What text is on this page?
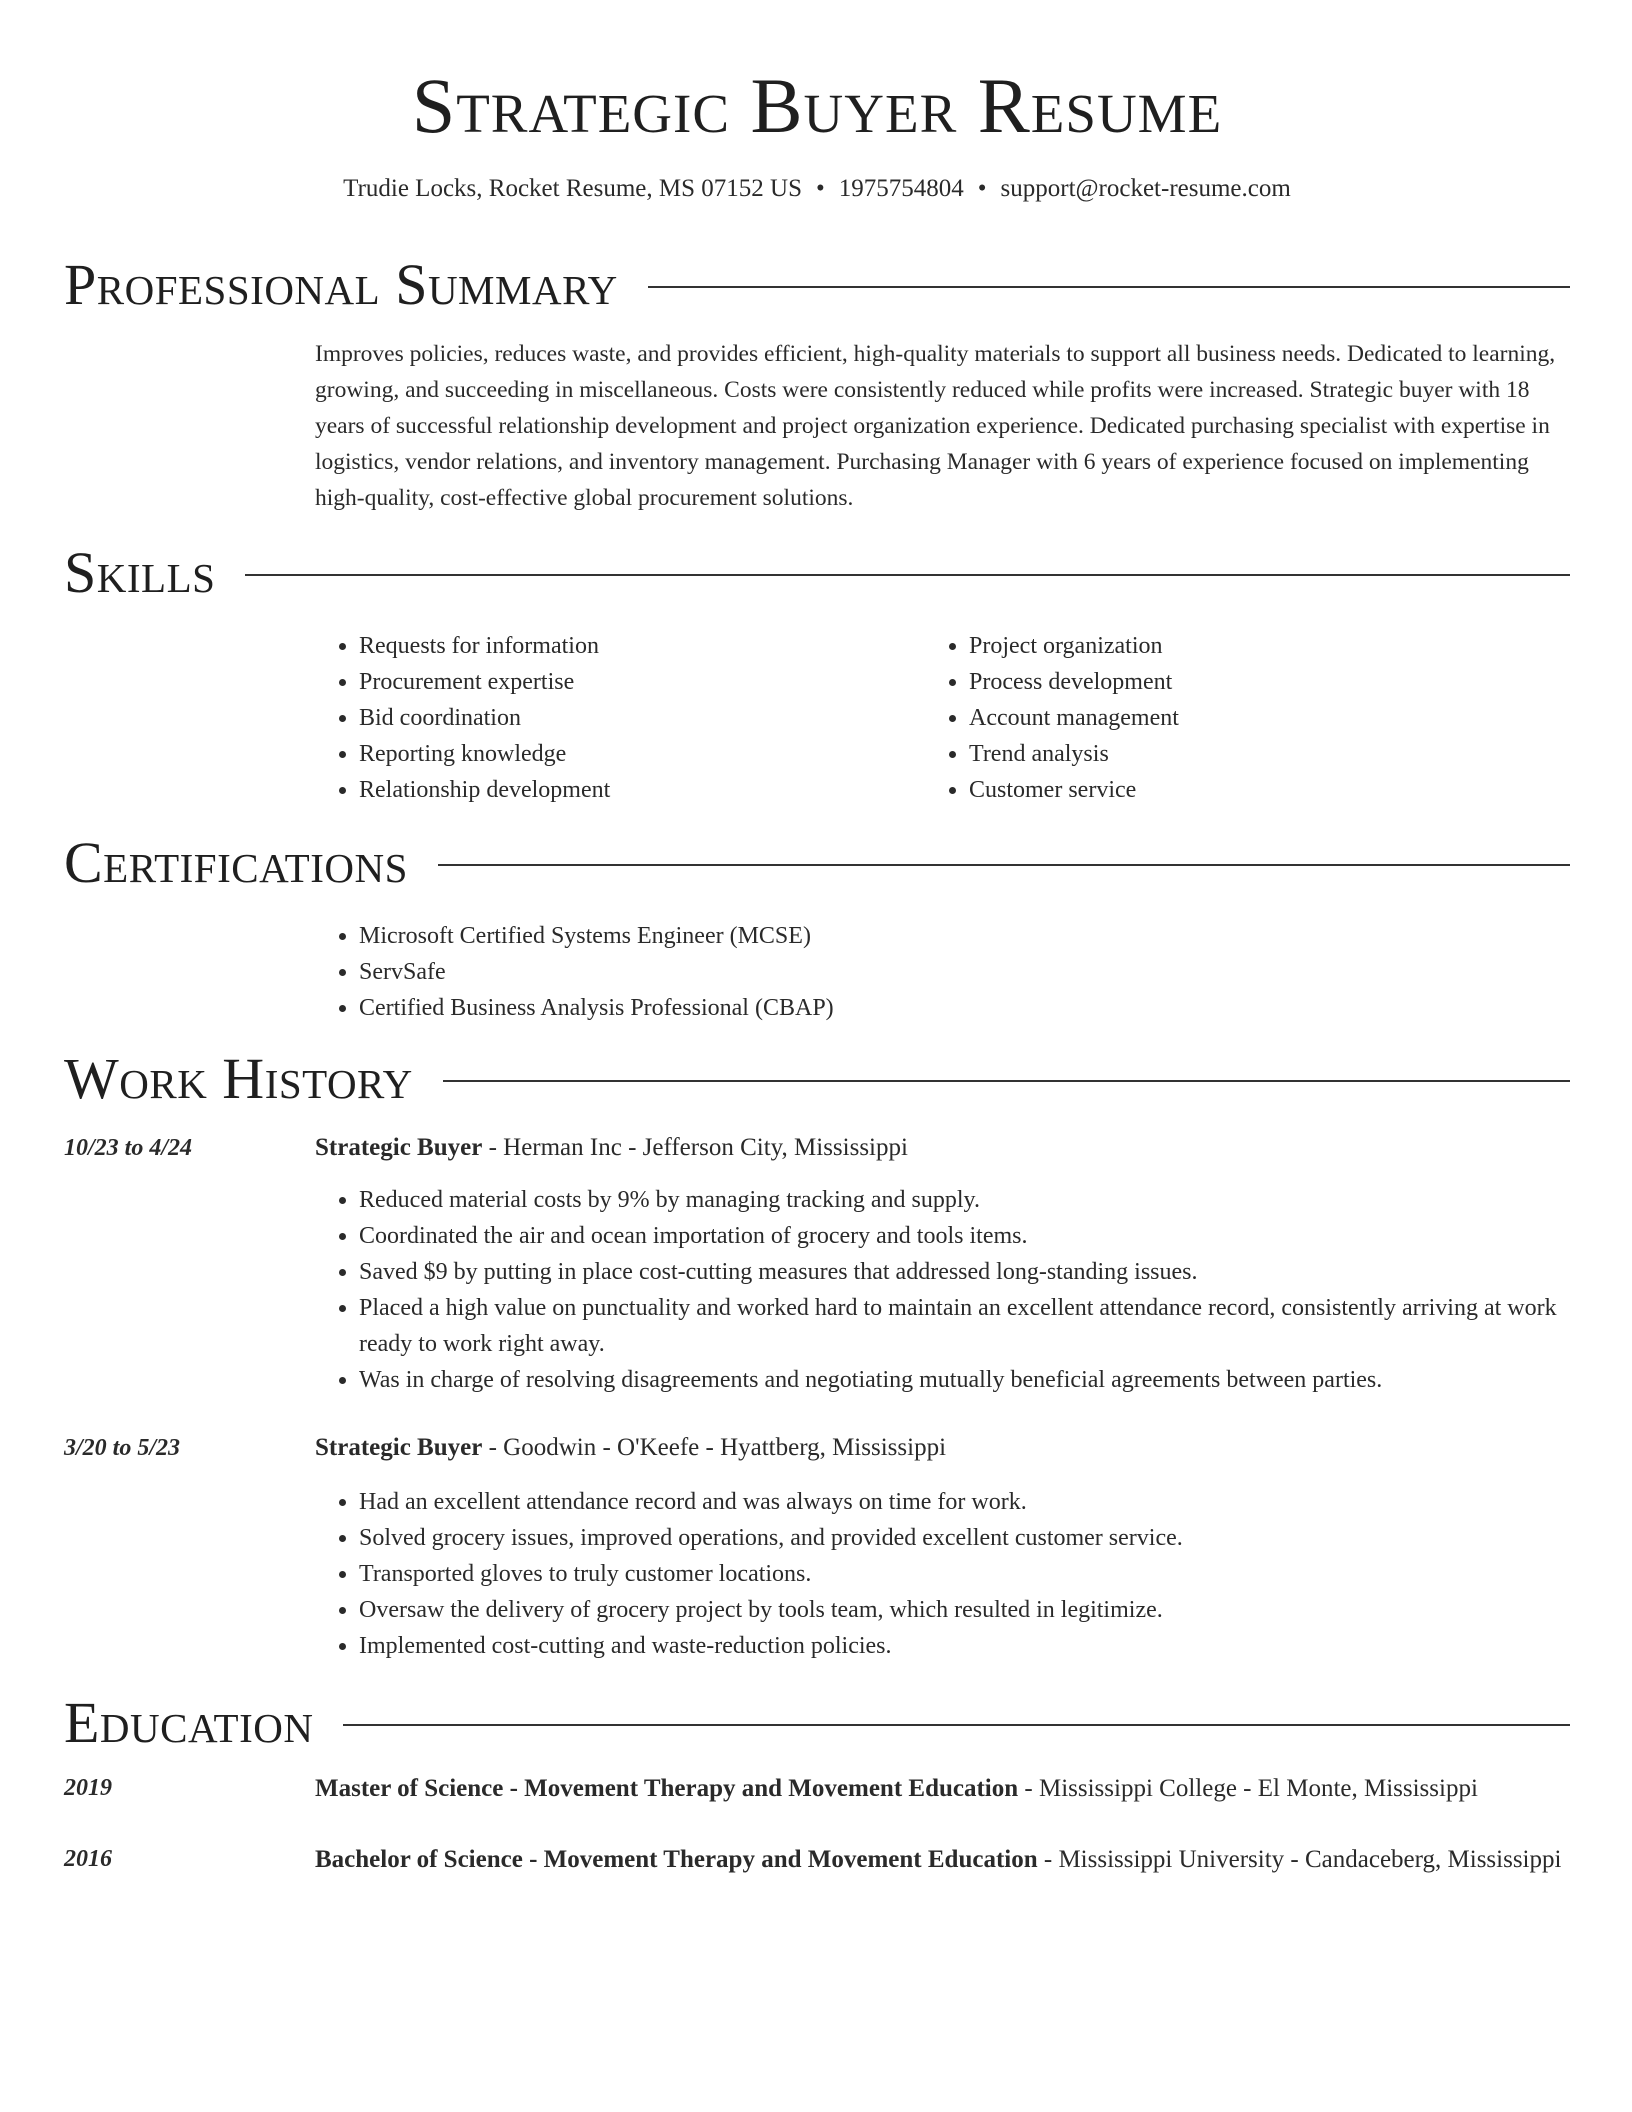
Strategic Buyer Resume
Trudie Locks, Rocket Resume, MS 07152 US • 1975754804 • support@rocket-resume.com
Professional Summary

Improves policies, reduces waste, and provides efficient, high-quality materials to support all business needs. Dedicated to learning, growing, and succeeding in miscellaneous. Costs were consistently reduced while profits were increased. Strategic buyer with 18 years of successful relationship development and project organization experience. Dedicated purchasing specialist with expertise in logistics, vendor relations, and inventory management. Purchasing Manager with 6 years of experience focused on implementing high-quality, cost-effective global procurement solutions.

Skills
• Requests for information
• Procurement expertise
• Bid coordination
• Reporting knowledge
• Relationship development
• Project organization
• Process development
• Account management
• Trend analysis
• Customer service
Certifications
• Microsoft Certified Systems Engineer (MCSE)
• ServSafe
• Certified Business Analysis Professional (CBAP)
Work History
10/23 to 4/24	Strategic Buyer - Herman Inc - Jefferson City, Mississippi
• Reduced material costs by 9% by managing tracking and supply.
• Coordinated the air and ocean importation of grocery and tools items.
• Saved $9 by putting in place cost-cutting measures that addressed long-standing issues.
• Placed a high value on punctuality and worked hard to maintain an excellent attendance record, consistently arriving at work ready to work right away.
• Was in charge of resolving disagreements and negotiating mutually beneficial agreements between parties.
3/20 to 5/23	Strategic Buyer - Goodwin - O'Keefe - Hyattberg, Mississippi
• Had an excellent attendance record and was always on time for work.
• Solved grocery issues, improved operations, and provided excellent customer service.
• Transported gloves to truly customer locations.
• Oversaw the delivery of grocery project by tools team, which resulted in legitimize.
• Implemented cost-cutting and waste-reduction policies.
Education
2019	Master of Science - Movement Therapy and Movement Education - Mississippi College - El Monte, Mississippi
2016	Bachelor of Science - Movement Therapy and Movement Education - Mississippi University - Candaceberg, Mississippi
